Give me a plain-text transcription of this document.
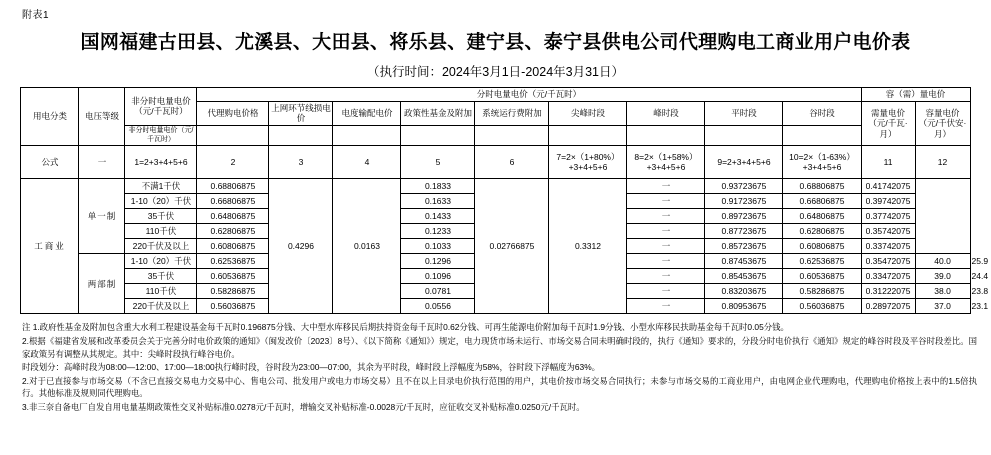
附表1
国网福建古田县、尤溪县、大田县、将乐县、建宁县、泰宁县供电公司代理购电工商业用户电价表
（执行时间：2024年3月1日-2024年3月31日）
用电分类	电压等级	非分时电量电价（元/千瓦时）	分时电量电价（元/千瓦时）									容（需）量电价		
			代理购电价格	上网环节线损电价	电度输配电价	政策性基金及附加	系统运行费附加	尖峰时段	峰时段	平时段	谷时段	需量电价（元/千瓦·月）	容量电价（元/千伏安·月）	
		非分时电量电价（元/千瓦时）												
公式	一	1=2+3+4+5+6	2	3	4	5	6	7=2×（1+80%）+3+4+5+6	8=2×（1+58%）+3+4+5+6	9=2+3+4+5+6	10=2×（1-63%）+3+4+5+6	11	12	
工商业	单一制	不满1千伏	0.68806875	0.4296	0.0163	0.1833	0.02766875	0.3312	一	0.93723675	0.68806875	0.41742075		
		1-10（20）千伏	0.66806875			0.1633			一	0.91723675	0.66806875	0.39742075		
		35千伏	0.64806875			0.1433			一	0.89723675	0.64806875	0.37742075		
		110千伏	0.62806875			0.1233			一	0.87723675	0.62806875	0.35742075		
		220千伏及以上	0.60806875			0.1033			一	0.85723675	0.60806875	0.33742075		
	两部制	1-10（20）千伏	0.62536875			0.1296			一	0.87453675	0.62536875	0.35472075	40.0	25.9
		35千伏	0.60536875			0.1096			一	0.85453675	0.60536875	0.33472075	39.0	24.4
		110千伏	0.58286875			0.0781			一	0.83203675	0.58286875	0.31222075	38.0	23.8
		220千伏及以上	0.56036875			0.0556			一	0.80953675	0.56036875	0.28972075	37.0	23.1

注 1.政府性基金及附加包含重大水利工程建设基金每千瓦时0.196875分钱、大中型水库移民后期扶持资金每千瓦时0.62分钱、可再生能源电价附加每千瓦时1.9分钱、小型水库移民扶助基金每千瓦时0.05分钱。

2.根据《福建省发展和改革委员会关于完善分时电价政策的通知》（闽发改价〔2023〕8号）、《以下简称《通知》）规定，电力现货市场未运行、市场交易合同未明确时段的，执行《通知》要求的，分段分时电价执行《通知》规定的峰谷时段及平谷时段差比。国家政策另有调整从其规定。其中：尖峰时段执行峰谷电价。

时段划分：高峰时段为08:00—12:00、17:00—18:00执行峰时段，谷时段为23:00—07:00，其余为平时段，峰时段上浮幅度为58%，谷时段下浮幅度为63%。

2.对于已直接参与市场交易（不含已直接交易电力交易中心、售电公司、批发用户或电力市场交易）且不在以上目录电价执行范围的用户，其电价按市场交易合同执行；未参与市场交易的工商业用户，由电网企业代理购电，代理购电价格按上表中的1.5倍执行。其他标准及规则同代理购电。

3.非三奈自备电厂自发自用电量基期政策性交叉补贴标准0.0278元/千瓦时，增输交叉补贴标准-0.0028元/千瓦时，应征收交叉补贴标准0.0250元/千瓦时。
